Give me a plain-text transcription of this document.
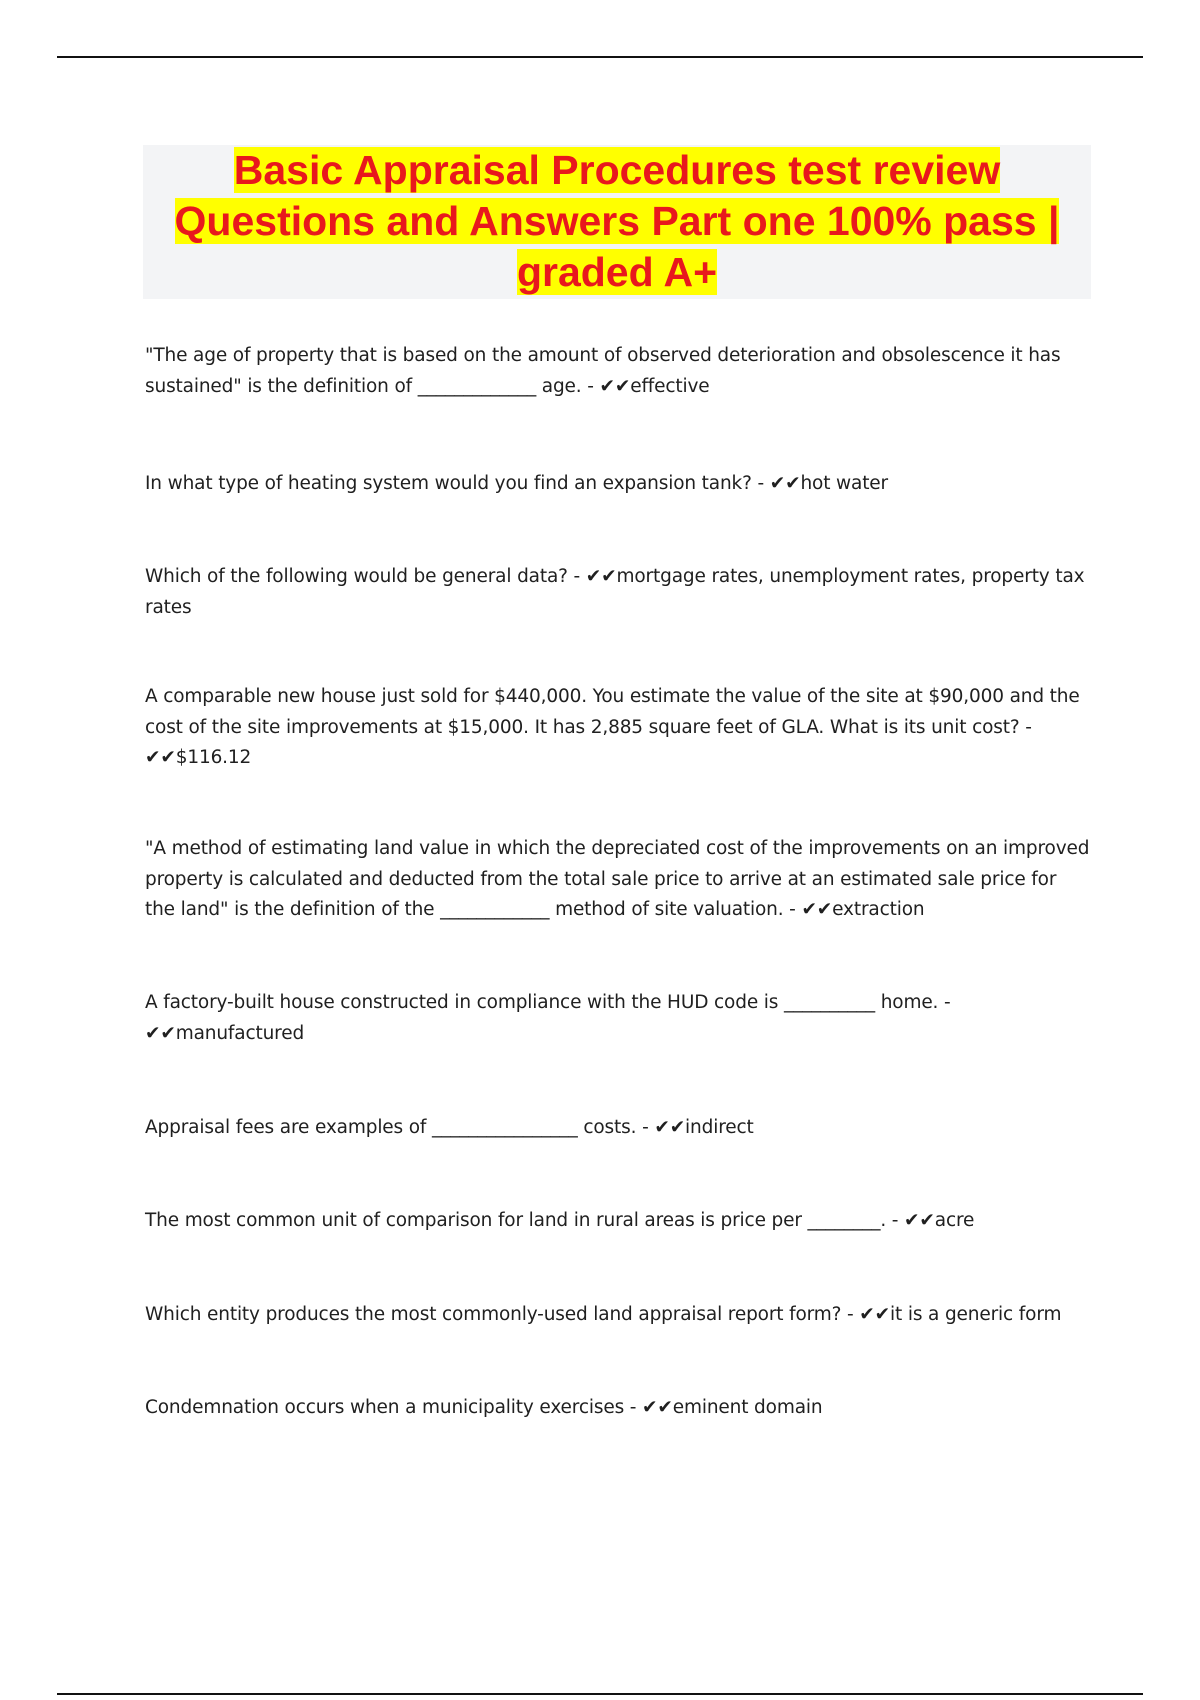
Basic Appraisal Procedures test review Questions and Answers Part one 100% pass | graded A+

"The age of property that is based on the amount of observed deterioration and obsolescence it has sustained" is the definition of _____________ age. - ✔✔effective

In what type of heating system would you find an expansion tank? - ✔✔hot water

Which of the following would be general data? - ✔✔mortgage rates, unemployment rates, property tax rates

A comparable new house just sold for $440,000. You estimate the value of the site at $90,000 and the cost of the site improvements at $15,000. It has 2,885 square feet of GLA. What is its unit cost? - ✔✔$116.12

"A method of estimating land value in which the depreciated cost of the improvements on an improved property is calculated and deducted from the total sale price to arrive at an estimated sale price for the land" is the definition of the ____________ method of site valuation. - ✔✔extraction

A factory-built house constructed in compliance with the HUD code is __________ home. - ✔✔manufactured

Appraisal fees are examples of ________________ costs. - ✔✔indirect

The most common unit of comparison for land in rural areas is price per ________. - ✔✔acre

Which entity produces the most commonly-used land appraisal report form? - ✔✔it is a generic form

Condemnation occurs when a municipality exercises - ✔✔eminent domain
